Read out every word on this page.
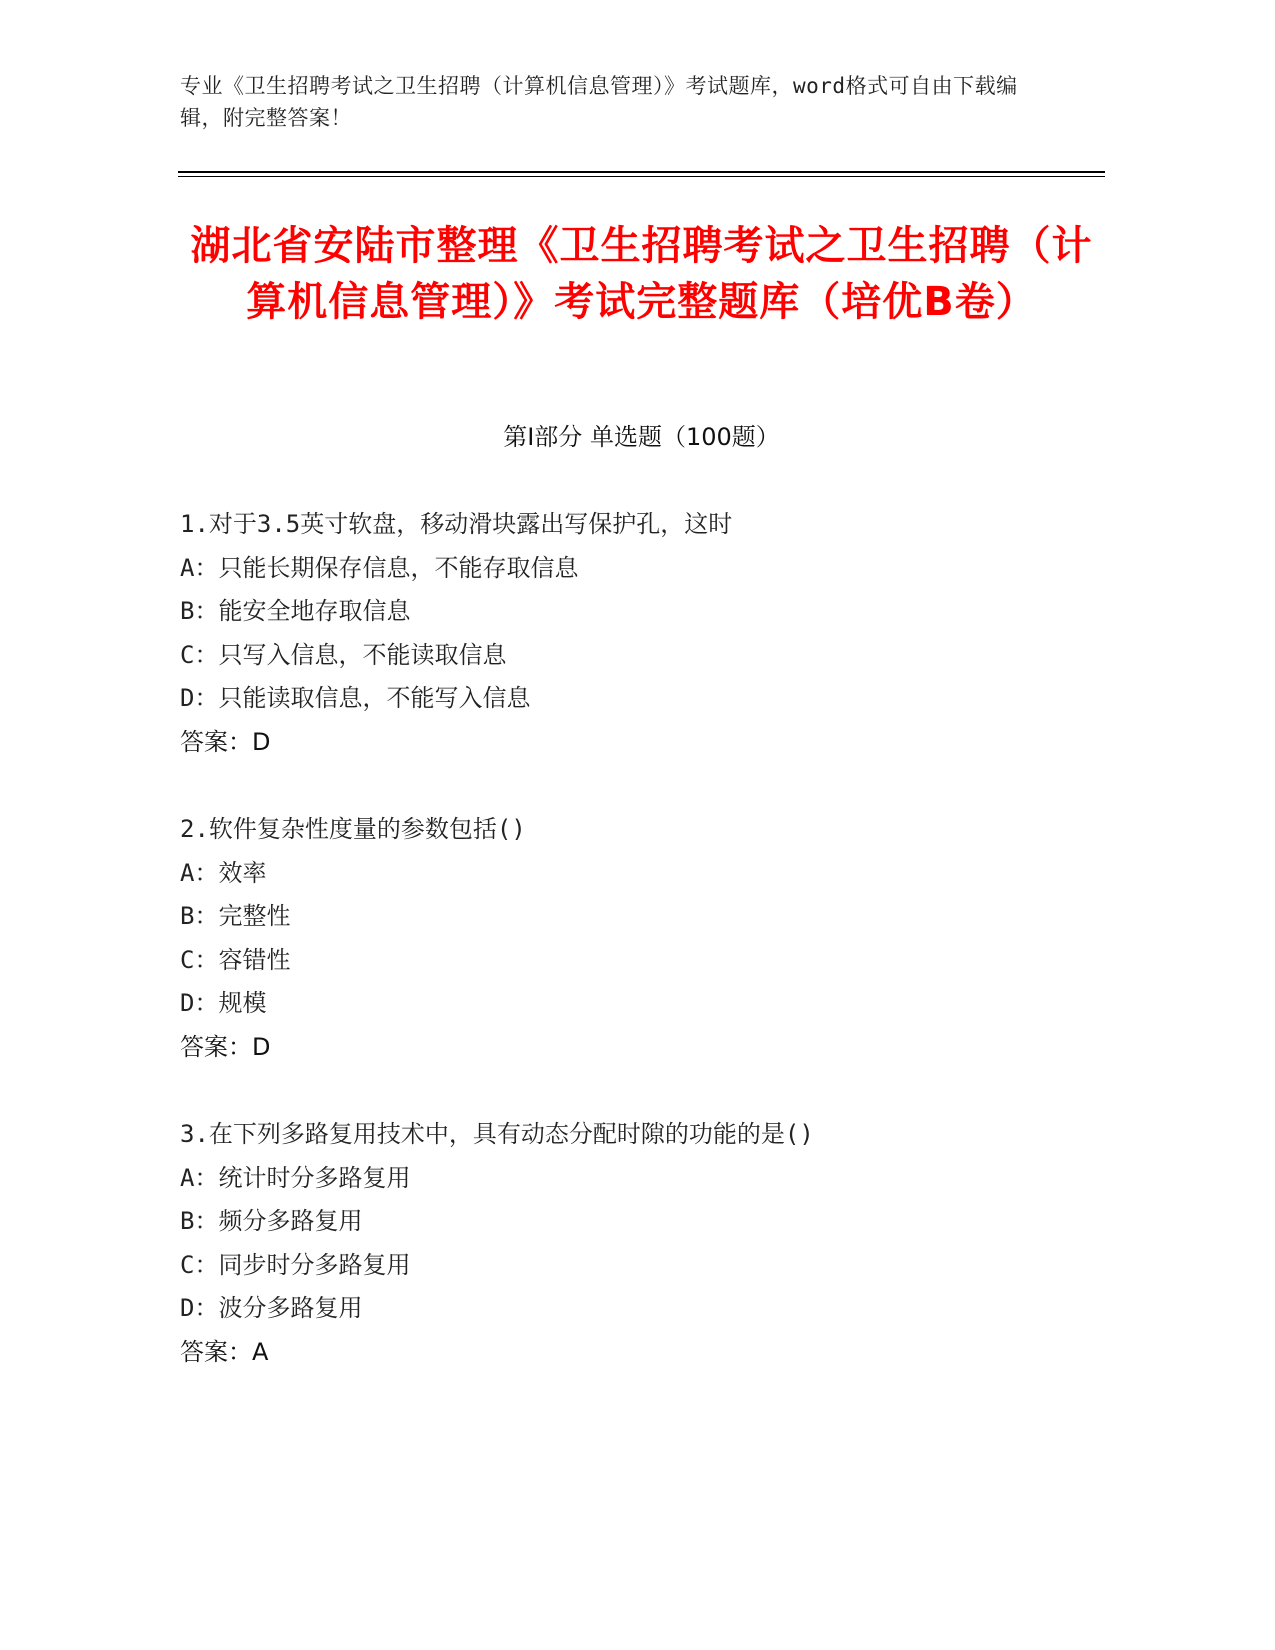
专业《卫生招聘考试之卫生招聘（计算机信息管理）》考试题库，word格式可自由下载编辑，附完整答案！
湖北省安陆市整理《卫生招聘考试之卫生招聘（计算机信息管理）》考试完整题库（培优B卷）
第I部分 单选题（100题）
1.对于3.5英寸软盘，移动滑块露出写保护孔，这时
A：只能长期保存信息，不能存取信息
B：能安全地存取信息
C：只写入信息，不能读取信息
D：只能读取信息，不能写入信息
答案：D
2.软件复杂性度量的参数包括()
A：效率
B：完整性
C：容错性
D：规模
答案：D
3.在下列多路复用技术中，具有动态分配时隙的功能的是()
A：统计时分多路复用
B：频分多路复用
C：同步时分多路复用
D：波分多路复用
答案：A
